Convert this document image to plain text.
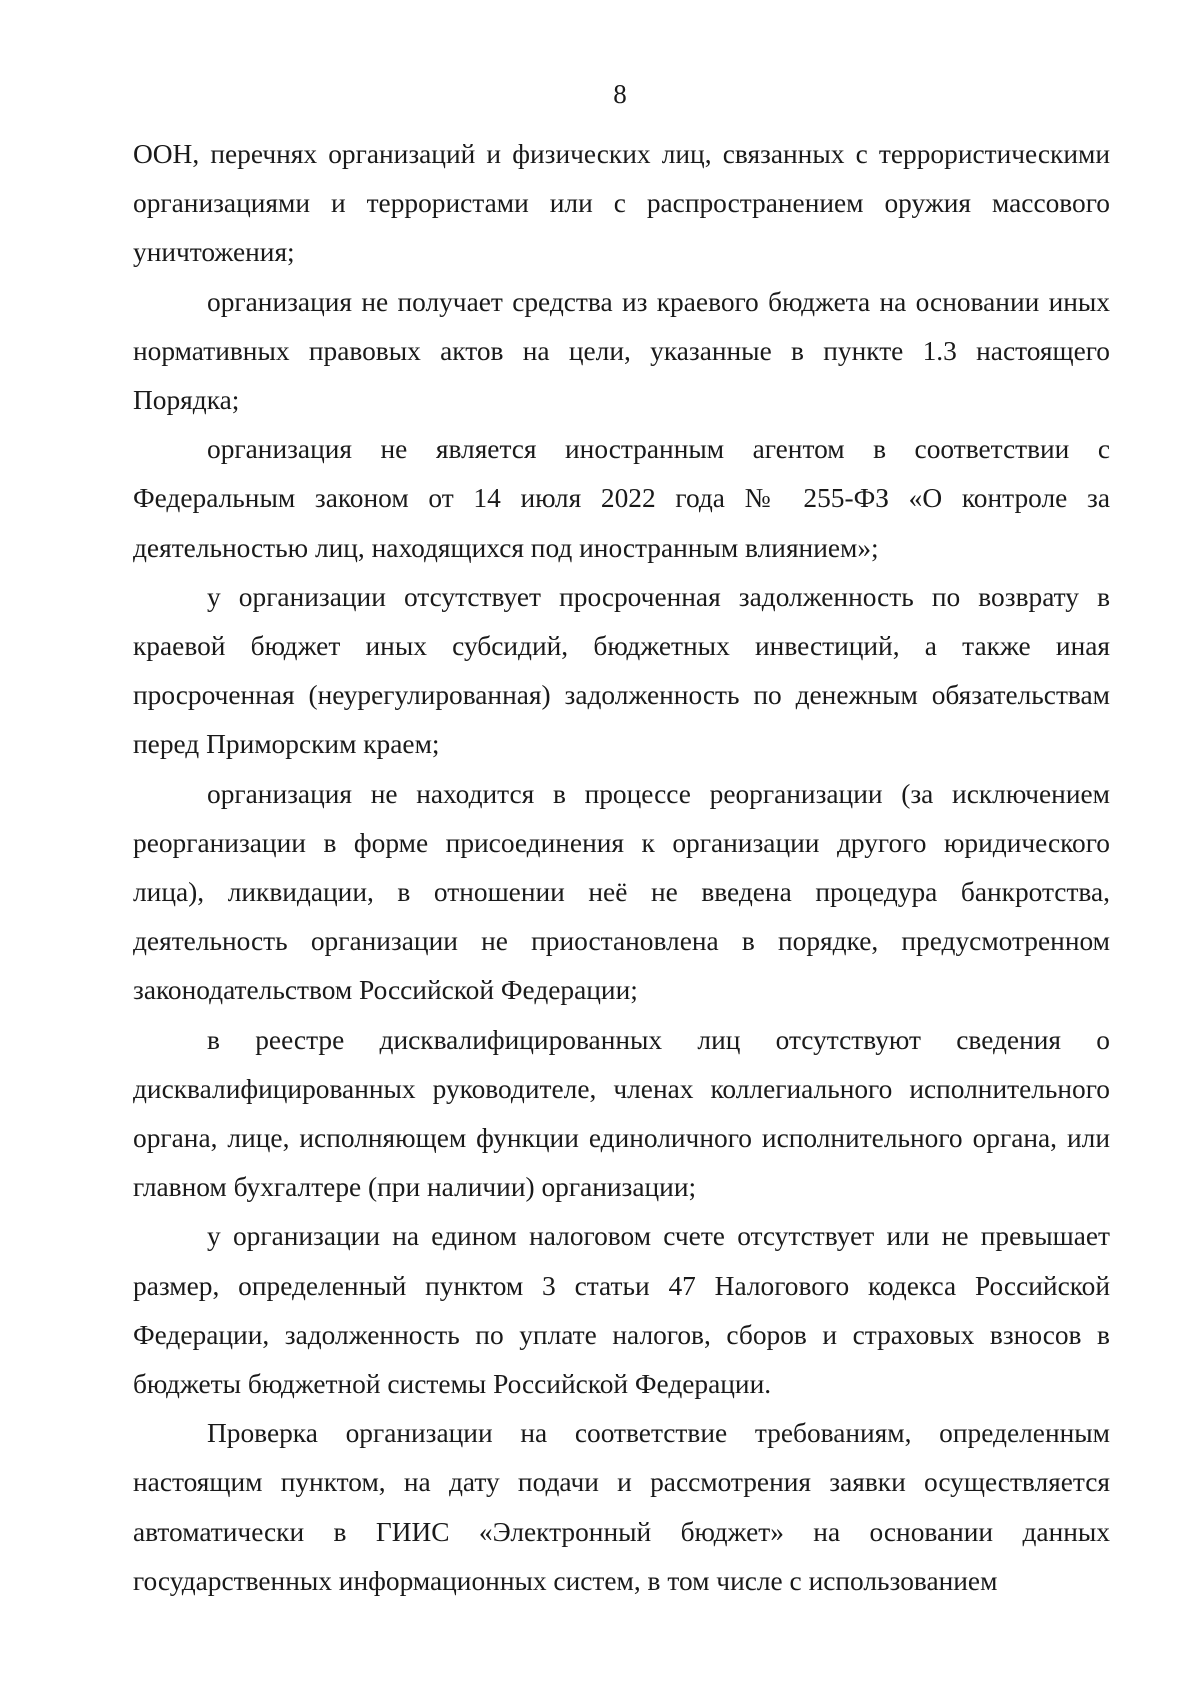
8

ООН, перечнях организаций и физических лиц, связанных с террористическими организациями и террористами или с распространением оружия массового уничтожения;

организация не получает средства из краевого бюджета на основании иных нормативных правовых актов на цели, указанные в пункте 1.3 настоящего Порядка;

организация не является иностранным агентом в соответствии с Федеральным законом от 14 июля 2022 года № 255-ФЗ «О контроле за деятельностью лиц, находящихся под иностранным влиянием»;

у организации отсутствует просроченная задолженность по возврату в краевой бюджет иных субсидий, бюджетных инвестиций, а также иная просроченная (неурегулированная) задолженность по денежным обязательствам перед Приморским краем;

организация не находится в процессе реорганизации (за исключением реорганизации в форме присоединения к организации другого юридического лица), ликвидации, в отношении неё не введена процедура банкротства, деятельность организации не приостановлена в порядке, предусмотренном законодательством Российской Федерации;

в реестре дисквалифицированных лиц отсутствуют сведения о дисквалифицированных руководителе, членах коллегиального исполнительного органа, лице, исполняющем функции единоличного исполнительного органа, или главном бухгалтере (при наличии) организации;

у организации на едином налоговом счете отсутствует или не превышает размер, определенный пунктом 3 статьи 47 Налогового кодекса Российской Федерации, задолженность по уплате налогов, сборов и страховых взносов в бюджеты бюджетной системы Российской Федерации.

Проверка организации на соответствие требованиям, определенным настоящим пунктом, на дату подачи и рассмотрения заявки осуществляется автоматически в ГИИС «Электронный бюджет» на основании данных государственных информационных систем, в том числе с использованием
